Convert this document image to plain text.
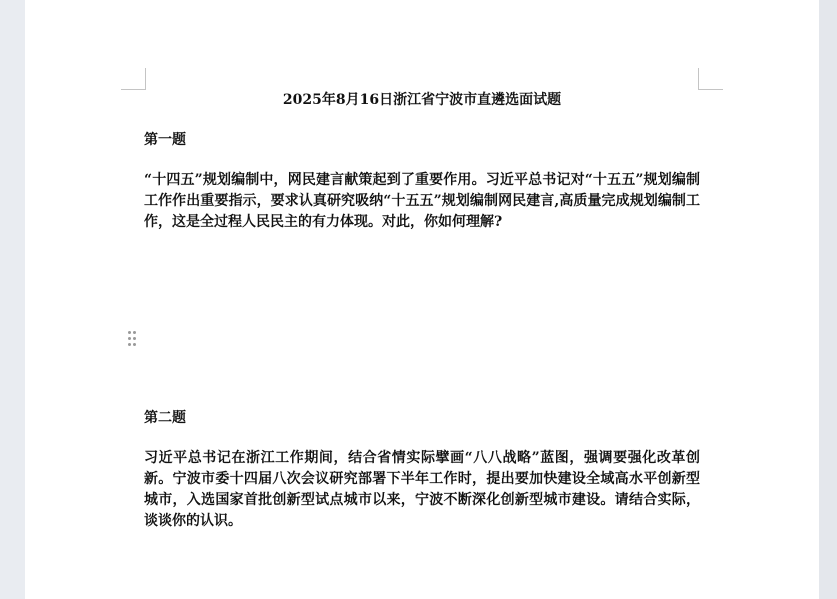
2025年8月16日浙江省宁波市直遴选面试题
第一题
“十四五”规划编制中，网民建言献策起到了重要作用。习近平总书记对“十五五”规划编制工作作出重要指示，要求认真研究吸纳“十五五”规划编制网民建言,高质量完成规划编制工作，这是全过程人民民主的有力体现。对此，你如何理解?
第二题
习近平总书记在浙江工作期间，结合省情实际擘画“八八战略”蓝图，强调要强化改革创新。宁波市委十四届八次会议研究部署下半年工作时，提出要加快建设全域高水平创新型城市，入选国家首批创新型试点城市以来，宁波不断深化创新型城市建设。请结合实际，谈谈你的认识。
